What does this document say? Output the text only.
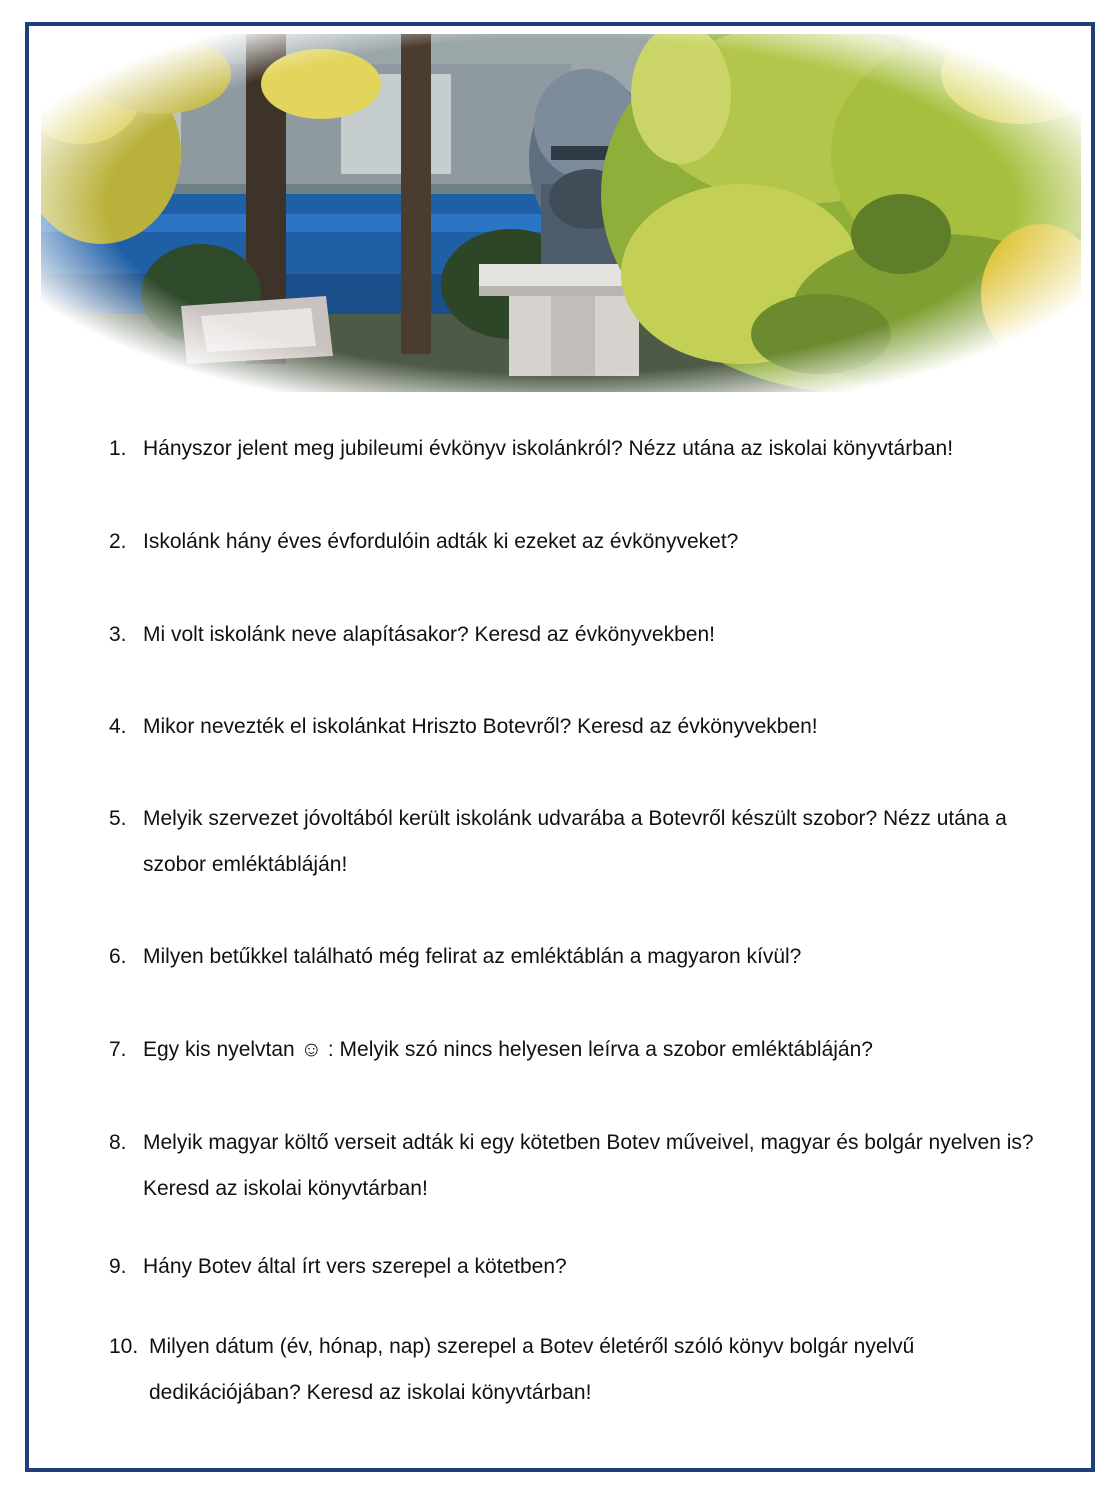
1. Hányszor jelent meg jubileumi évkönyv iskolánkról? Nézz utána az iskolai könyvtárban!
2. Iskolánk hány éves évfordulóin adták ki ezeket az évkönyveket?
3. Mi volt iskolánk neve alapításakor? Keresd az évkönyvekben!
4. Mikor nevezték el iskolánkat Hriszto Botevről? Keresd az évkönyvekben!
5. Melyik szervezet jóvoltából került iskolánk udvarába a Botevről készült szobor? Nézz utána a szobor emléktábláján!
6. Milyen betűkkel található még felirat az emléktáblán a magyaron kívül?
7. Egy kis nyelvtan ☺ : Melyik szó nincs helyesen leírva a szobor emléktábláján?
8. Melyik magyar költő verseit adták ki egy kötetben Botev műveivel, magyar és bolgár nyelven is? Keresd az iskolai könyvtárban!
9. Hány Botev által írt vers szerepel a kötetben?
10. Milyen dátum (év, hónap, nap) szerepel a Botev életéről szóló könyv bolgár nyelvű dedikációjában? Keresd az iskolai könyvtárban!
